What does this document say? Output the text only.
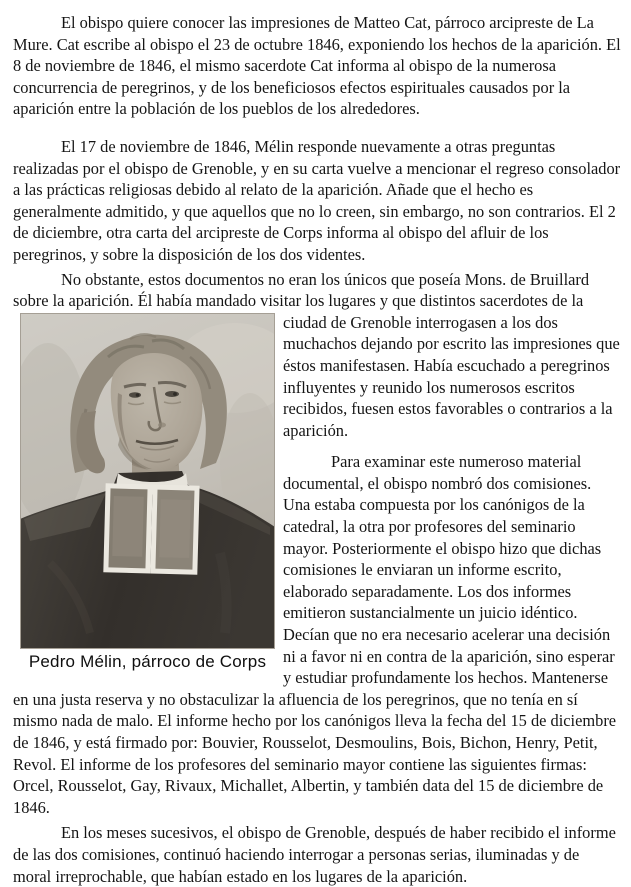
El obispo quiere conocer las impresiones de Matteo Cat, párroco arcipreste de La Mure. Cat escribe al obispo el 23 de octubre 1846, exponiendo los hechos de la aparición. El 8 de noviembre de 1846, el mismo sacerdote Cat informa al obispo de la numerosa concurrencia de peregrinos, y de los beneficiosos efectos espirituales causados por la aparición entre la población de los pueblos de los alrededores.

El 17 de noviembre de 1846, Mélin responde nuevamente a otras preguntas realizadas por el obispo de Grenoble, y en su carta vuelve a mencionar el regreso consolador a las prácticas religiosas debido al relato de la aparición. Añade que el hecho es generalmente admitido, y que aquellos que no lo creen, sin embargo, no son contrarios. El 2 de diciembre, otra carta del arcipreste de Corps informa al obispo del afluir de los peregrinos, y sobre la disposición de los dos videntes.

No obstante, estos documentos no eran los únicos que poseía Mons. de Bruillard sobre la aparición. Él había mandado visitar los lugares y que distintos sacerdotes de la
Pedro Mélin, párroco de Corps
ciudad de Grenoble interrogasen a los dos muchachos dejando por escrito las impresiones que éstos manifestasen. Había escuchado a peregrinos influyentes y reunido los numerosos escritos recibidos, fuesen estos favorables o contrarios a la aparición.

Para examinar este numeroso material documental, el obispo nombró dos comisiones. Una estaba compuesta por los canónigos de la catedral, la otra por profesores del seminario mayor. Posteriormente el obispo hizo que dichas comisiones le enviaran un informe escrito, elaborado separadamente. Los dos informes emitieron sustancialmente un juicio idéntico. Decían que no era necesario acelerar una decisión ni a favor ni en contra de la aparición, sino esperar y estudiar profundamente los hechos. Mantenerse en una justa reserva y no obstaculizar la afluencia de los peregrinos, que no tenía en sí mismo nada de malo. El informe hecho por los canónigos lleva la fecha del 15 de diciembre de 1846, y está firmado por: Bouvier, Rousselot, Desmoulins, Bois, Bichon, Henry, Petit, Revol. El informe de los profesores del seminario mayor contiene las siguientes firmas: Orcel, Rousselot, Gay, Rivaux, Michallet, Albertin, y también data del 15 de diciembre de 1846.

En los meses sucesivos, el obispo de Grenoble, después de haber recibido el informe de las dos comisiones, continuó haciendo interrogar a personas serias, iluminadas y de moral irreprochable, que habían estado en los lugares de la aparición.
